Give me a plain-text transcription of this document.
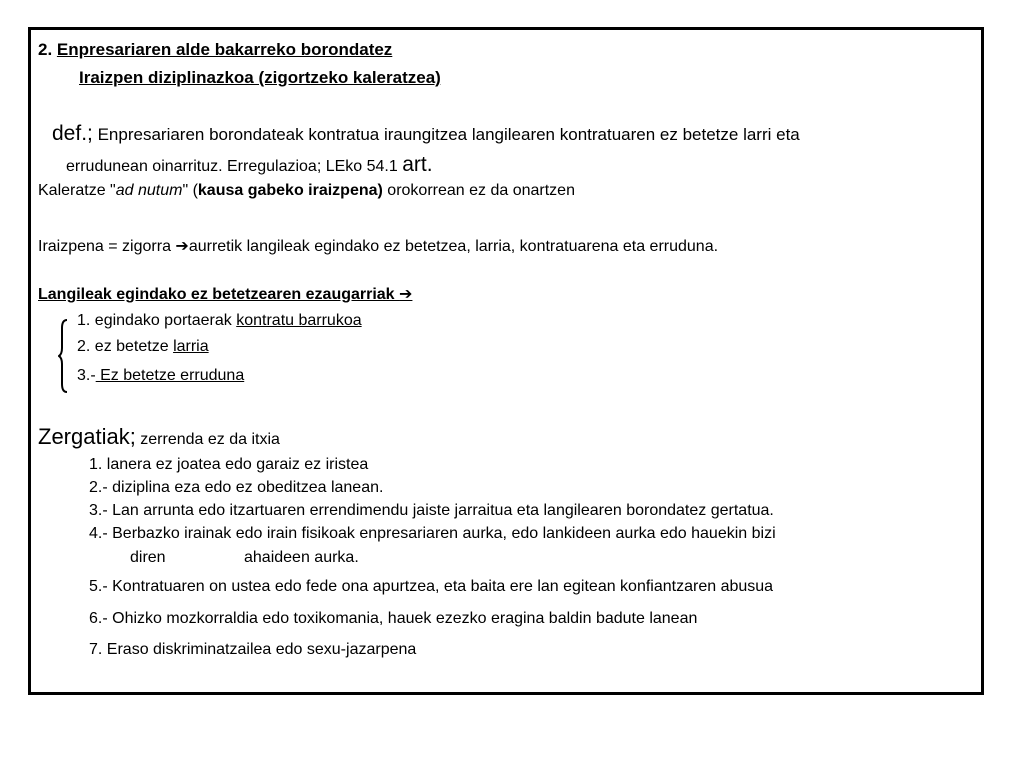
2. Enpresariaren alde bakarreko borondatez
Iraizpen diziplinazkoa (zigortzeko kaleratzea)
def.; Enpresariaren borondateak kontratua iraungitzea langilearen kontratuaren ez betetze larri eta
errudunean oinarrituz. Erregulazioa; LEko 54.1 art.
Kaleratze "ad nutum" (kausa gabeko iraizpena) orokorrean ez da onartzen
Iraizpena = zigorra ➔aurretik langileak egindako ez betetzea, larria, kontratuarena eta erruduna.
Langileak egindako ez betetzearen ezaugarriak ➔
1. egindako portaerak kontratu barrukoa
2. ez betetze larria
3.- Ez betetze erruduna
Zergatiak; zerrenda ez da itxia
1. lanera ez joatea edo garaiz ez iristea
2.- diziplina eza edo ez obeditzea lanean.
3.- Lan arrunta edo itzartuaren errendimendu jaiste jarraitua eta langilearen borondatez gertatua.
4.- Berbazko irainak edo irain fisikoak enpresariaren aurka, edo lankideen aurka edo hauekin bizi
diren	ahaideen aurka.
5.- Kontratuaren on ustea edo fede ona apurtzea, eta baita ere lan egitean konfiantzaren abusua
6.- Ohizko mozkorraldia edo toxikomania, hauek ezezko eragina baldin badute lanean
7. Eraso diskriminatzailea edo sexu-jazarpena
